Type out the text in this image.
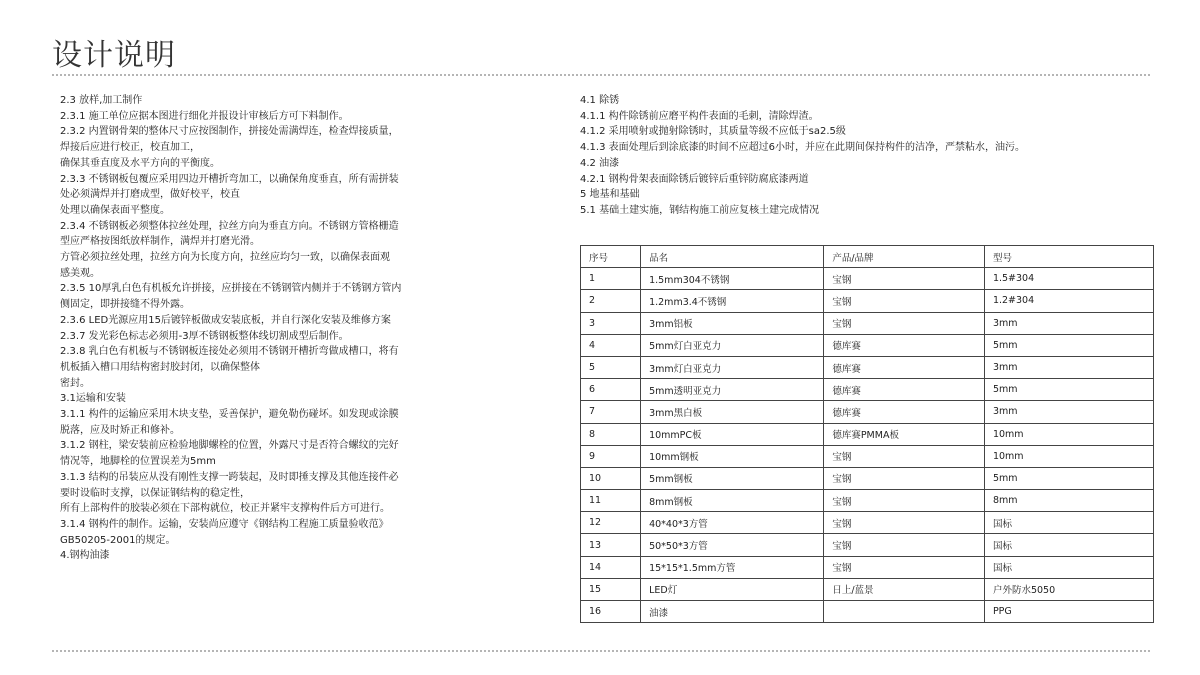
设计说明
2.3 放样,加工制作
2.3.1 施工单位应据本图进行细化并报设计审核后方可下料制作。
2.3.2 内置钢骨架的整体尺寸应按图制作，拼接处需满焊连，检查焊接质量，
焊接后应进行校正，校直加工，
确保其垂直度及水平方向的平衡度。
2.3.3 不锈钢板包覆应采用四边开槽折弯加工，以确保角度垂直，所有需拼装
处必须满焊并打磨成型，做好校平，校直
处理以确保表面平整度。
2.3.4 不锈钢板必须整体拉丝处理，拉丝方向为垂直方向。不锈钢方管格栅造
型应严格按图纸放样制作，满焊并打磨光滑。
方管必须拉丝处理，拉丝方向为长度方向，拉丝应均匀一致，以确保表面观
感美观。
2.3.5 10厚乳白色有机板允许拼接，应拼接在不锈钢管内侧并于不锈钢方管内
侧固定，即拼接缝不得外露。
2.3.6 LED光源应用15后镀锌板做成安装底板，并自行深化安装及维修方案
2.3.7 发光彩色标志必须用-3厚不锈钢板整体线切割成型后制作。
2.3.8 乳白色有机板与不锈钢板连接处必须用不锈钢开槽折弯做成槽口，将有
机板插入槽口用结构密封胶封闭，以确保整体
密封。
3.1运输和安装
3.1.1 构件的运输应采用木块支垫，妥善保护，避免勒伤碰坏。如发现或涂膜
脱落，应及时矫正和修补。
3.1.2 钢柱，梁安装前应检验地脚螺栓的位置，外露尺寸是否符合螺纹的完好
情况等，地脚栓的位置误差为5mm
3.1.3 结构的吊装应从没有刚性支撑一跨装起，及时即捶支撑及其他连接件必
要时设临时支撑，以保证钢结构的稳定性，
所有上部构件的胶装必须在下部构就位，校正并紧牢支撑构件后方可进行。
3.1.4 钢构件的制作。运输，安装尚应遵守《钢结构工程施工质量验收范》
GB50205-2001的规定。
4.钢构油漆
4.1 除锈
4.1.1 构件除锈前应磨平构件表面的毛刺，清除焊渣。
4.1.2 采用喷射或抛射除锈时，其质量等级不应低于sa2.5级
4.1.3 表面处理后到涂底漆的时间不应超过6小时，并应在此期间保持构件的洁净，严禁粘水，油污。
4.2 油漆
4.2.1 钢构骨架表面除锈后镀锌后重锌防腐底漆两道
5 地基和基础
5.1 基础土建实施，钢结构施工前应复核土建完成情况
序号	品名	产品/品牌	型号
1	1.5mm304不锈钢	宝钢	1.5#304
2	1.2mm3.4不锈钢	宝钢	1.2#304
3	3mm铝板	宝钢	3mm
4	5mm灯白亚克力	德库赛	5mm
5	3mm灯白亚克力	德库赛	3mm
6	5mm透明亚克力	德库赛	5mm
7	3mm黑白板	德库赛	3mm
8	10mmPC板	德库赛PMMA板	10mm
9	10mm钢板	宝钢	10mm
10	5mm钢板	宝钢	5mm
11	8mm钢板	宝钢	8mm
12	40*40*3方管	宝钢	国标
13	50*50*3方管	宝钢	国标
14	15*15*1.5mm方管	宝钢	国标
15	LED灯	日上/蓝景	户外防水5050
16	油漆		PPG
